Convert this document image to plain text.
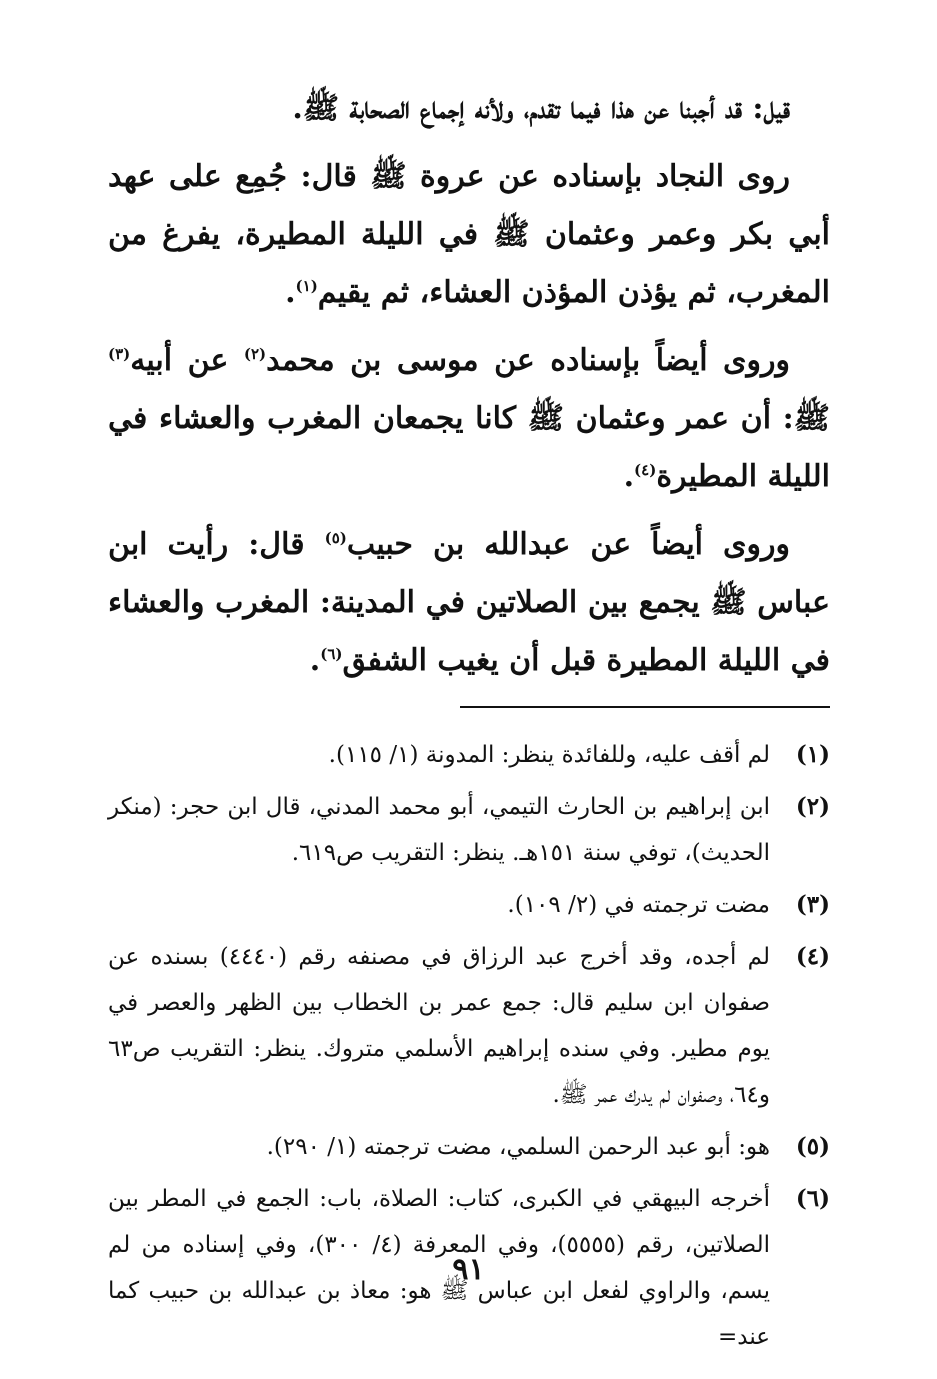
قيل: قد أجبنا عن هذا فيما تقدم، ولأنه إجماع الصحابة ﷺ.

روى النجاد بإسناده عن عروة ﷺ قال: جُمِع على عهد أبي بكر وعمر وعثمان ﷺ في الليلة المطيرة، يفرغ من المغرب، ثم يؤذن المؤذن العشاء، ثم يقيم$^{(١)}$.

وروى أيضاً بإسناده عن موسى بن محمد$^{(٢)}$ عن أبيه$^{(٣)}$ ﷺ: أن عمر وعثمان ﷺ كانا يجمعان المغرب والعشاء في الليلة المطيرة$^{(٤)}$.

وروى أيضاً عن عبدالله بن حبيب$^{(٥)}$ قال: رأيت ابن عباس ﷺ يجمع بين الصلاتين في المدينة: المغرب والعشاء في الليلة المطيرة قبل أن يغيب الشفق$^{(٦)}$.

(١)
لم أقف عليه، وللفائدة ينظر: المدونة (١/ ١١٥).
(٢)
ابن إبراهيم بن الحارث التيمي، أبو محمد المدني، قال ابن حجر: (منكر الحديث)، توفي سنة ١٥١هـ. ينظر: التقريب ص٦١٩.
(٣)
مضت ترجمته في (٢/ ١٠٩).
(٤)
لم أجده، وقد أخرج عبد الرزاق في مصنفه رقم (٤٤٤٠) بسنده عن صفوان ابن سليم قال: جمع عمر بن الخطاب بين الظهر والعصر في يوم مطير. وفي سنده إبراهيم الأسلمي متروك. ينظر: التقريب ص٦٣ و٦٤، وصفوان لم يدرك عمر ﷺ.
(٥)
هو: أبو عبد الرحمن السلمي، مضت ترجمته (١/ ٢٩٠).
(٦)
أخرجه البيهقي في الكبرى، كتاب: الصلاة، باب: الجمع في المطر بين الصلاتين، رقم (٥٥٥٥)، وفي المعرفة (٤/ ٣٠٠)، وفي إسناده من لم يسم، والراوي لفعل ابن عباس ﷺ هو: معاذ بن عبدالله بن حبيب كما عند=
٩١
